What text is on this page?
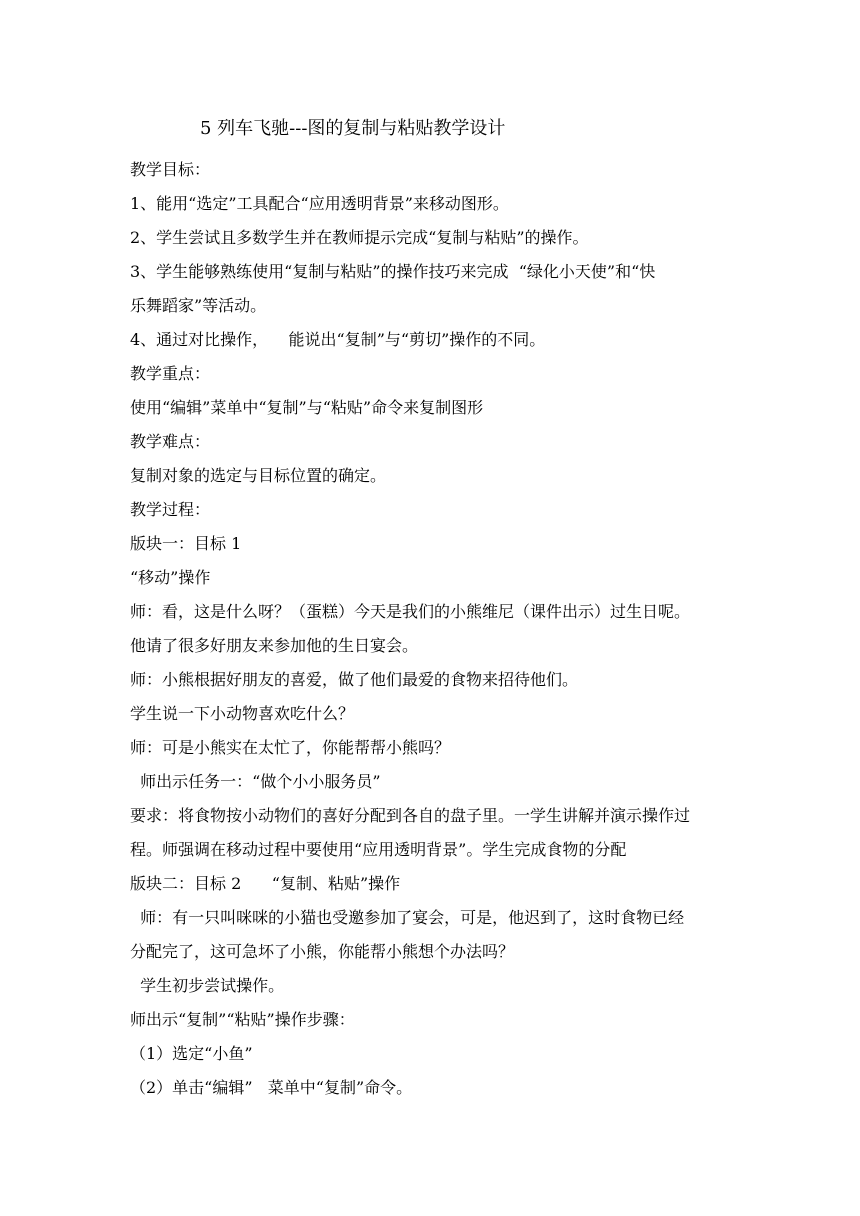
5 列车飞驰---图的复制与粘贴教学设计
教学目标：
1、能用“选定”工具配合“应用透明背景”来移动图形。
2、学生尝试且多数学生并在教师提示完成“复制与粘贴”的操作。
3、学生能够熟练使用“复制与粘贴”的操作技巧来完成  “绿化小天使”和“快
乐舞蹈家”等活动。
4、通过对比操作，    能说出“复制”与“剪切”操作的不同。
教学重点：
使用“编辑”菜单中“复制”与“粘贴”命令来复制图形
教学难点：
复制对象的选定与目标位置的确定。
教学过程：
版块一：目标 1
“移动”操作
师：看，这是什么呀？（蛋糕）今天是我们的小熊维尼（课件出示）过生日呢。
他请了很多好朋友来参加他的生日宴会。
师：小熊根据好朋友的喜爱，做了他们最爱的食物来招待他们。
学生说一下小动物喜欢吃什么？
师：可是小熊实在太忙了，你能帮帮小熊吗？
师出示任务一：“做个小小服务员”
要求：将食物按小动物们的喜好分配到各自的盘子里。一学生讲解并演示操作过
程。师强调在移动过程中要使用“应用透明背景”。学生完成食物的分配
版块二：目标 2      “复制、粘贴”操作
师：有一只叫咪咪的小猫也受邀参加了宴会，可是，他迟到了，这时食物已经
分配完了，这可急坏了小熊，你能帮小熊想个办法吗？
学生初步尝试操作。
师出示“复制”“粘贴”操作步骤：
（1）选定“小鱼”
（2）单击“编辑”   菜单中“复制”命令。
